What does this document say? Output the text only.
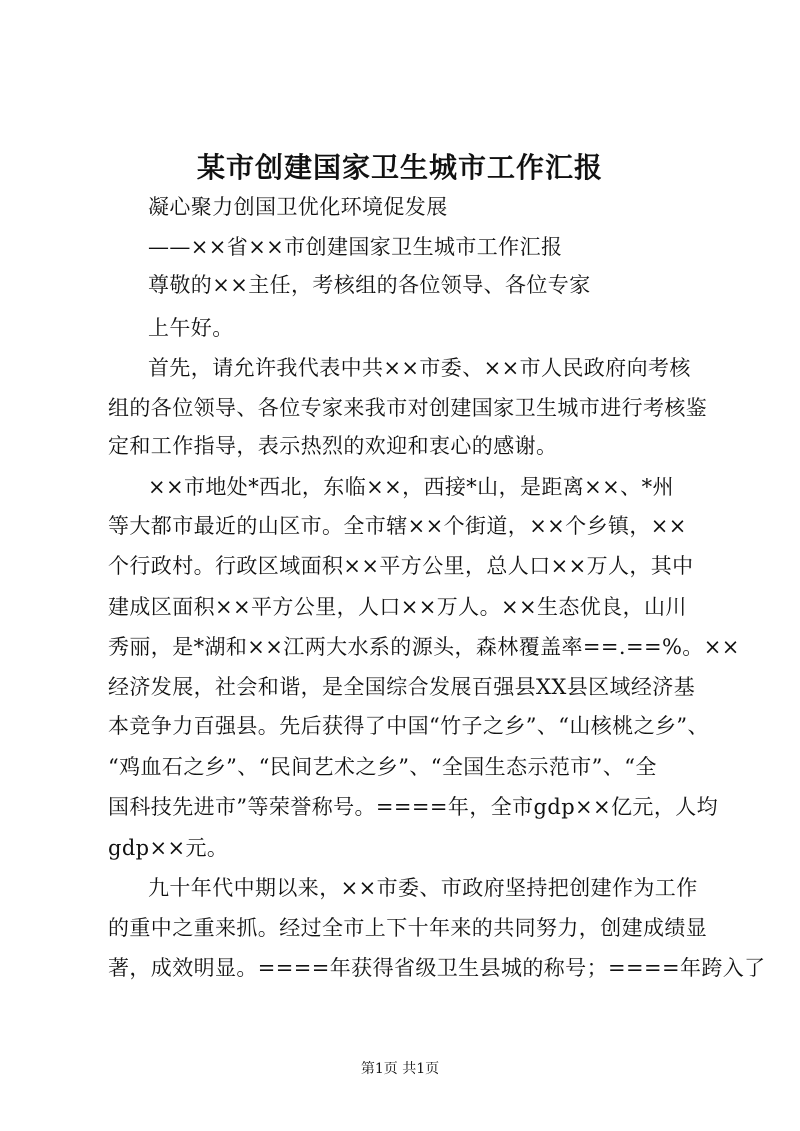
某市创建国家卫生城市工作汇报
凝心聚力创国卫优化环境促发展
——××省××市创建国家卫生城市工作汇报
尊敬的××主任，考核组的各位领导、各位专家
上午好。
首先，请允许我代表中共××市委、××市人民政府向考核
组的各位领导、各位专家来我市对创建国家卫生城市进行考核鉴
定和工作指导，表示热烈的欢迎和衷心的感谢。
××市地处*西北，东临××，西接*山，是距离××、*州
等大都市最近的山区市。全市辖××个街道，××个乡镇，××
个行政村。行政区域面积××平方公里，总人口××万人，其中
建成区面积××平方公里，人口××万人。××生态优良，山川
秀丽，是*湖和××江两大水系的源头，森林覆盖率==.==%。××
经济发展，社会和谐，是全国综合发展百强县XX县区域经济基
本竞争力百强县。先后获得了中国“竹子之乡”、“山核桃之乡”、
“鸡血石之乡”、“民间艺术之乡”、“全国生态示范市”、“全
国科技先进市”等荣誉称号。====年，全市gdp××亿元，人均
gdp××元。
九十年代中期以来，××市委、市政府坚持把创建作为工作
的重中之重来抓。经过全市上下十年来的共同努力，创建成绩显
著，成效明显。====年获得省级卫生县城的称号；====年跨入了
第1页 共1页
